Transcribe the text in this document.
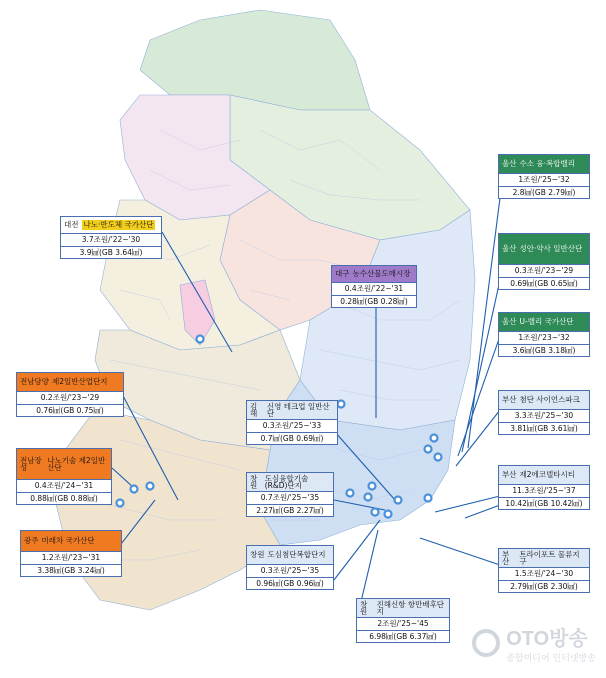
대전 나노·반도체 국가산단
3.7조원/'22~'30
3.9㎢(GB 3.64㎢)
대구 농수산물도매시장
0.4조원/'22~'31
0.28㎢(GB 0.28㎢)
울산 수소 융·복합밸리
1조원/'25~'32
2.8㎢(GB 2.79㎢)
울산 성안·약사 일반산단
0.3조원/'23~'29
0.69㎢(GB 0.65㎢)
울산 U-밸리 국가산단
1조원/'23~'32
3.6㎢(GB 3.18㎢)
부산 첨단 사이언스파크
3.3조원/'25~'30
3.81㎢(GB 3.61㎢)
부산 제2에코델타시티
11.3조원/'25~'37
10.42㎢(GB 10.42㎢)
부산
트라이포트 물류지구
1.5조원/'24~'30
2.79㎢(GB 2.30㎢)
김해
신영 테크업 일반산단
0.3조원/'25~'33
0.7㎢(GB 0.69㎢)
창원
도심융합기술(R&D)단지
0.7조원/'25~'35
2.27㎢(GB 2.27㎢)
창원 도심첨단복합단지
0.3조원/'25~'35
0.96㎢(GB 0.96㎢)
창원
진해신항 항만배후단지
2조원/'25~'45
6.98㎢(GB 6.37㎢)
전남담양 제2일반산업단지
0.2조원/'23~'29
0.76㎢(GB 0.75㎢)
전남장성
나노기술 제2일반산단
0.4조원/'24~'31
0.88㎢(GB 0.88㎢)
광주 미래차 국가산단
1.2조원/'23~'31
3.38㎢(GB 3.24㎢)
OTO방송
종합미디어 인터넷방송
